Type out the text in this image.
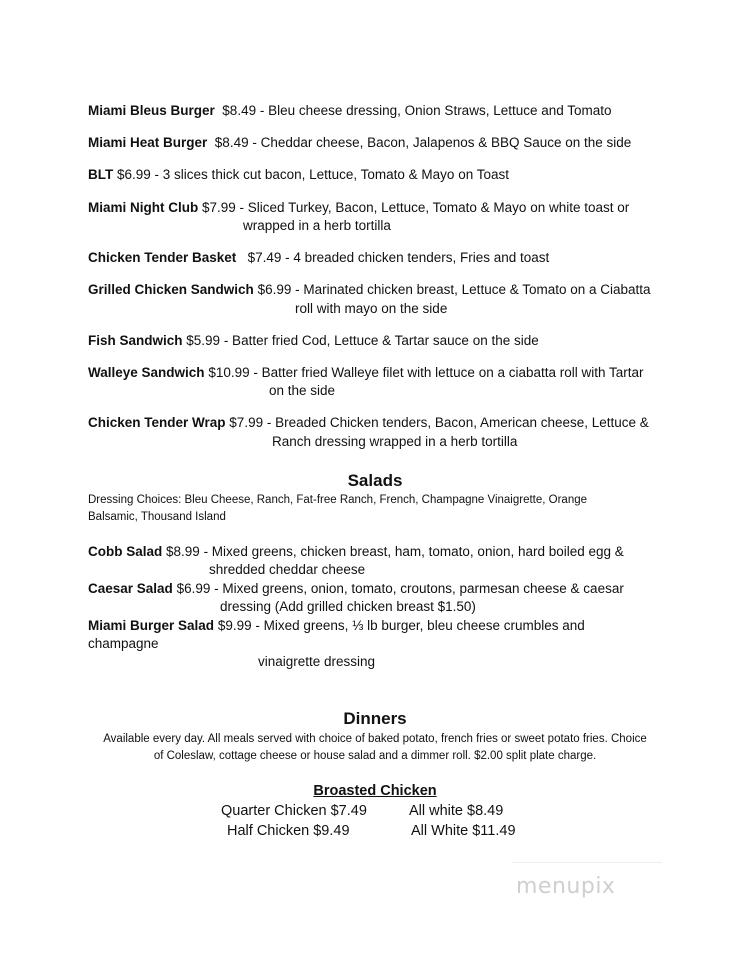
Miami Bleus Burger $8.49 - Bleu cheese dressing, Onion Straws, Lettuce and Tomato
Miami Heat Burger $8.49 - Cheddar cheese, Bacon, Jalapenos & BBQ Sauce on the side
BLT $6.99 - 3 slices thick cut bacon, Lettuce, Tomato & Mayo on Toast
Miami Night Club $7.99 - Sliced Turkey, Bacon, Lettuce, Tomato & Mayo on white toast or
wrapped in a herb tortilla
Chicken Tender Basket $7.49 - 4 breaded chicken tenders, Fries and toast
Grilled Chicken Sandwich $6.99 - Marinated chicken breast, Lettuce & Tomato on a Ciabatta
roll with mayo on the side
Fish Sandwich $5.99 - Batter fried Cod, Lettuce & Tartar sauce on the side
Walleye Sandwich $10.99 - Batter fried Walleye filet with lettuce on a ciabatta roll with Tartar
on the side
Chicken Tender Wrap $7.99 - Breaded Chicken tenders, Bacon, American cheese, Lettuce &
Ranch dressing wrapped in a herb tortilla
Salads
Dressing Choices: Bleu Cheese, Ranch, Fat-free Ranch, French, Champagne Vinaigrette, Orange
Balsamic, Thousand Island
Cobb Salad $8.99 - Mixed greens, chicken breast, ham, tomato, onion, hard boiled egg &
shredded cheddar cheese
Caesar Salad $6.99 - Mixed greens, onion, tomato, croutons, parmesan cheese & caesar
dressing (Add grilled chicken breast $1.50)
Miami Burger Salad $9.99 - Mixed greens, ⅓ lb burger, bleu cheese crumbles and
champagne
vinaigrette dressing
Dinners
Available every day. All meals served with choice of baked potato, french fries or sweet potato fries. Choice
of Coleslaw, cottage cheese or house salad and a dimmer roll. $2.00 split plate charge.
Broasted Chicken
Quarter Chicken $7.49	All white $8.49
Half Chicken $9.49	All White $11.49
menupix
